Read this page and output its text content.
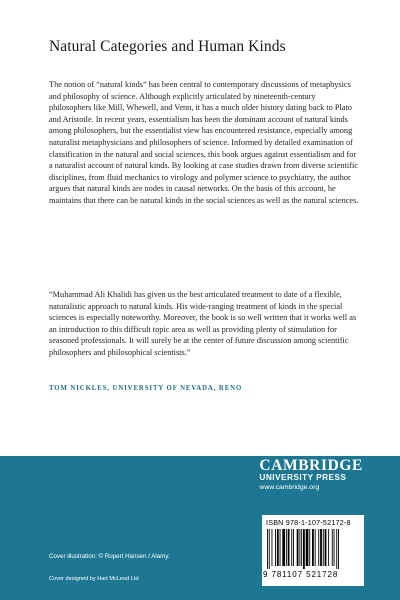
Natural Categories and Human Kinds

The notion of “natural kinds” has been central to contemporary discussions of metaphysics and philosophy of science. Although explicitly articulated by nineteenth-century philosophers like Mill, Whewell, and Venn, it has a much older history dating back to Plato and Aristotle. In recent years, essentialism has been the dominant account of natural kinds among philosophers, but the essentialist view has encountered resistance, especially among naturalist metaphysicians and philosophers of science. Informed by detailed examination of classification in the natural and social sciences, this book argues against essentialism and for a naturalist account of natural kinds. By looking at case studies drawn from diverse scientific disciplines, from fluid mechanics to virology and polymer science to psychiatry, the author argues that natural kinds are nodes in causal networks. On the basis of this account, he maintains that there can be natural kinds in the social sciences as well as the natural sciences.

“Muhammad Ali Khalidi has given us the best articulated treatment to date of a flexible, naturalistic approach to natural kinds. His wide-ranging treatment of kinds in the special sciences is especially noteworthy. Moreover, the book is so well written that it works well as an introduction to this difficult topic area as well as providing plenty of stimulation for seasoned professionals. It will surely be at the center of future discussion among scientific philosophers and philosophical scientists.”

TOM NICKLES, UNIVERSITY OF NEVADA, RENO
CAMBRIDGE
UNIVERSITY PRESS
www.cambridge.org
Cover illustration: © Rupert Hansen / Alamy.
Cover designed by Hart McLeod Ltd
ISBN 978-1-107-52172-8
9 781107 521728
